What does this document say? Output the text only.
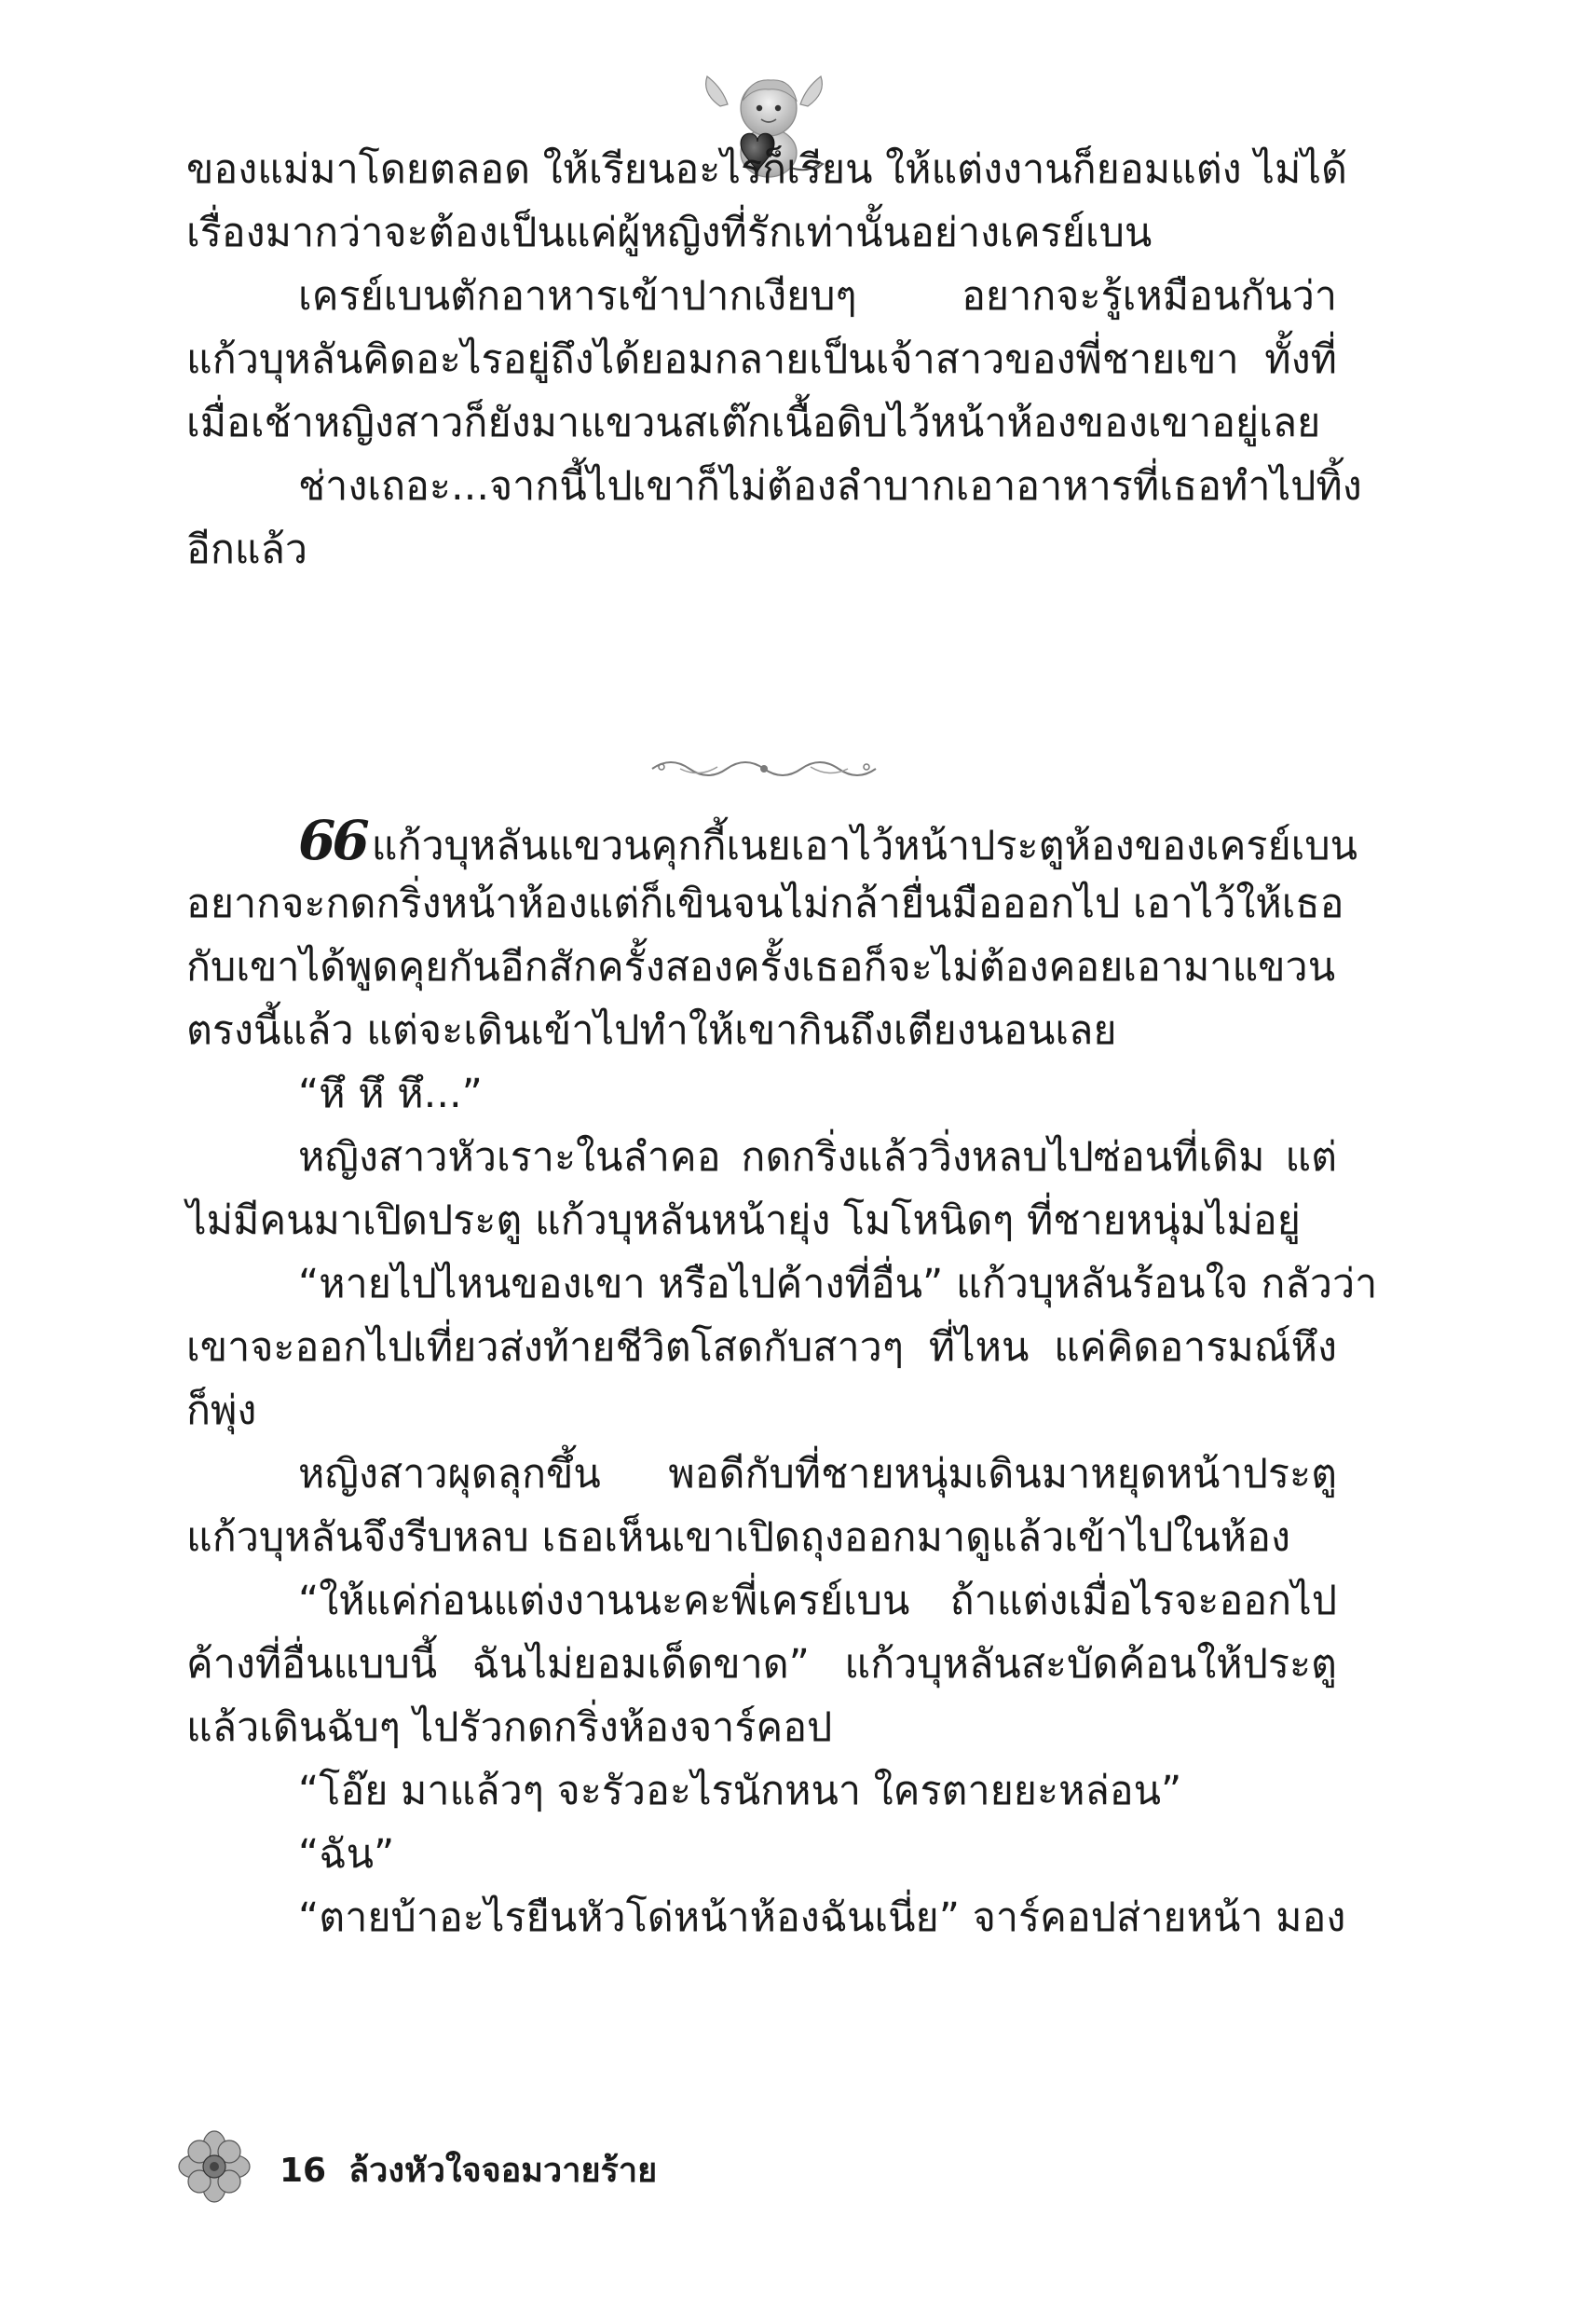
ของแม่มาโดยตลอด ให้เรียนอะไรก็เรียน ให้แต่งงานก็ยอมแต่ง ไม่ได้
เรื่องมากว่าจะต้องเป็นแค่ผู้หญิงที่รักเท่านั้นอย่างเครย์เบน
เครย์เบนตักอาหารเข้าปากเงียบๆ อยากจะรู้เหมือนกันว่า
แก้วบุหลันคิดอะไรอยู่ถึงได้ยอมกลายเป็นเจ้าสาวของพี่ชายเขา ทั้งที่
เมื่อเช้าหญิงสาวก็ยังมาแขวนสเต๊กเนื้อดิบไว้หน้าห้องของเขาอยู่เลย
ช่างเถอะ...จากนี้ไปเขาก็ไม่ต้องลำบากเอาอาหารที่เธอทำไปทิ้ง
อีกแล้ว
66 แก้วบุหลันแขวนคุกกี้เนยเอาไว้หน้าประตูห้องของเครย์เบน
อยากจะกดกริ่งหน้าห้องแต่ก็เขินจนไม่กล้ายื่นมือออกไป เอาไว้ให้เธอ
กับเขาได้พูดคุยกันอีกสักครั้งสองครั้งเธอก็จะไม่ต้องคอยเอามาแขวน
ตรงนี้แล้ว แต่จะเดินเข้าไปทำให้เขากินถึงเตียงนอนเลย
“หึ หึ หึ...”
หญิงสาวหัวเราะในลำคอ กดกริ่งแล้ววิ่งหลบไปซ่อนที่เดิม แต่
ไม่มีคนมาเปิดประตู แก้วบุหลันหน้ายุ่ง โมโหนิดๆ ที่ชายหนุ่มไม่อยู่
“หายไปไหนของเขา หรือไปค้างที่อื่น” แก้วบุหลันร้อนใจ กลัวว่า
เขาจะออกไปเที่ยวส่งท้ายชีวิตโสดกับสาวๆ ที่ไหน แค่คิดอารมณ์หึง
ก็พุ่ง
หญิงสาวผุดลุกขึ้น พอดีกับที่ชายหนุ่มเดินมาหยุดหน้าประตู
แก้วบุหลันจึงรีบหลบ เธอเห็นเขาเปิดถุงออกมาดูแล้วเข้าไปในห้อง
“ให้แค่ก่อนแต่งงานนะคะพี่เครย์เบน ถ้าแต่งเมื่อไรจะออกไป
ค้างที่อื่นแบบนี้ ฉันไม่ยอมเด็ดขาด” แก้วบุหลันสะบัดค้อนให้ประตู
แล้วเดินฉับๆ ไปรัวกดกริ่งห้องจาร์คอป
“โอ๊ย มาแล้วๆ จะรัวอะไรนักหนา ใครตายยะหล่อน”
“ฉัน”
“ตายบ้าอะไรยืนหัวโด่หน้าห้องฉันเนี่ย” จาร์คอปส่ายหน้า มอง
16 ล้วงหัวใจจอมวายร้าย
